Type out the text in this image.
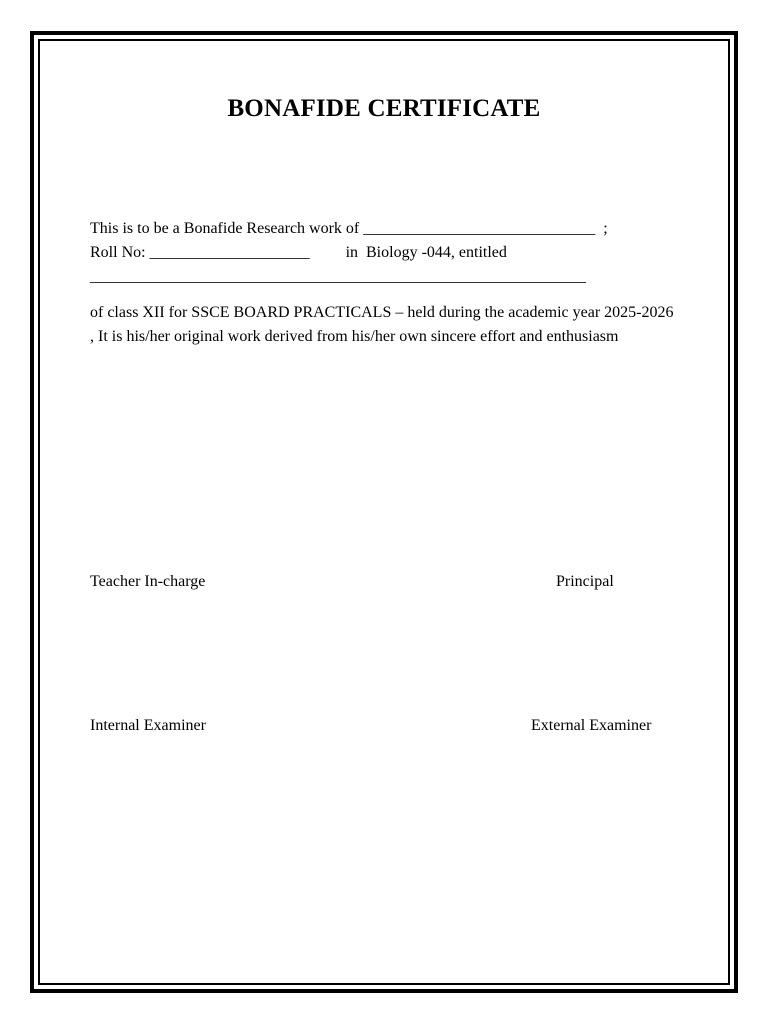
BONAFIDE CERTIFICATE
This is to be a Bonafide Research work of _____________________________  ;
Roll No: ____________________         in  Biology -044, entitled
______________________________________________________________
of class XII for SSCE BOARD PRACTICALS – held during the academic year 2025-2026 , It is his/her original work derived from his/her own sincere effort and enthusiasm
Teacher In-charge	Principal
Internal Examiner	External Examiner
